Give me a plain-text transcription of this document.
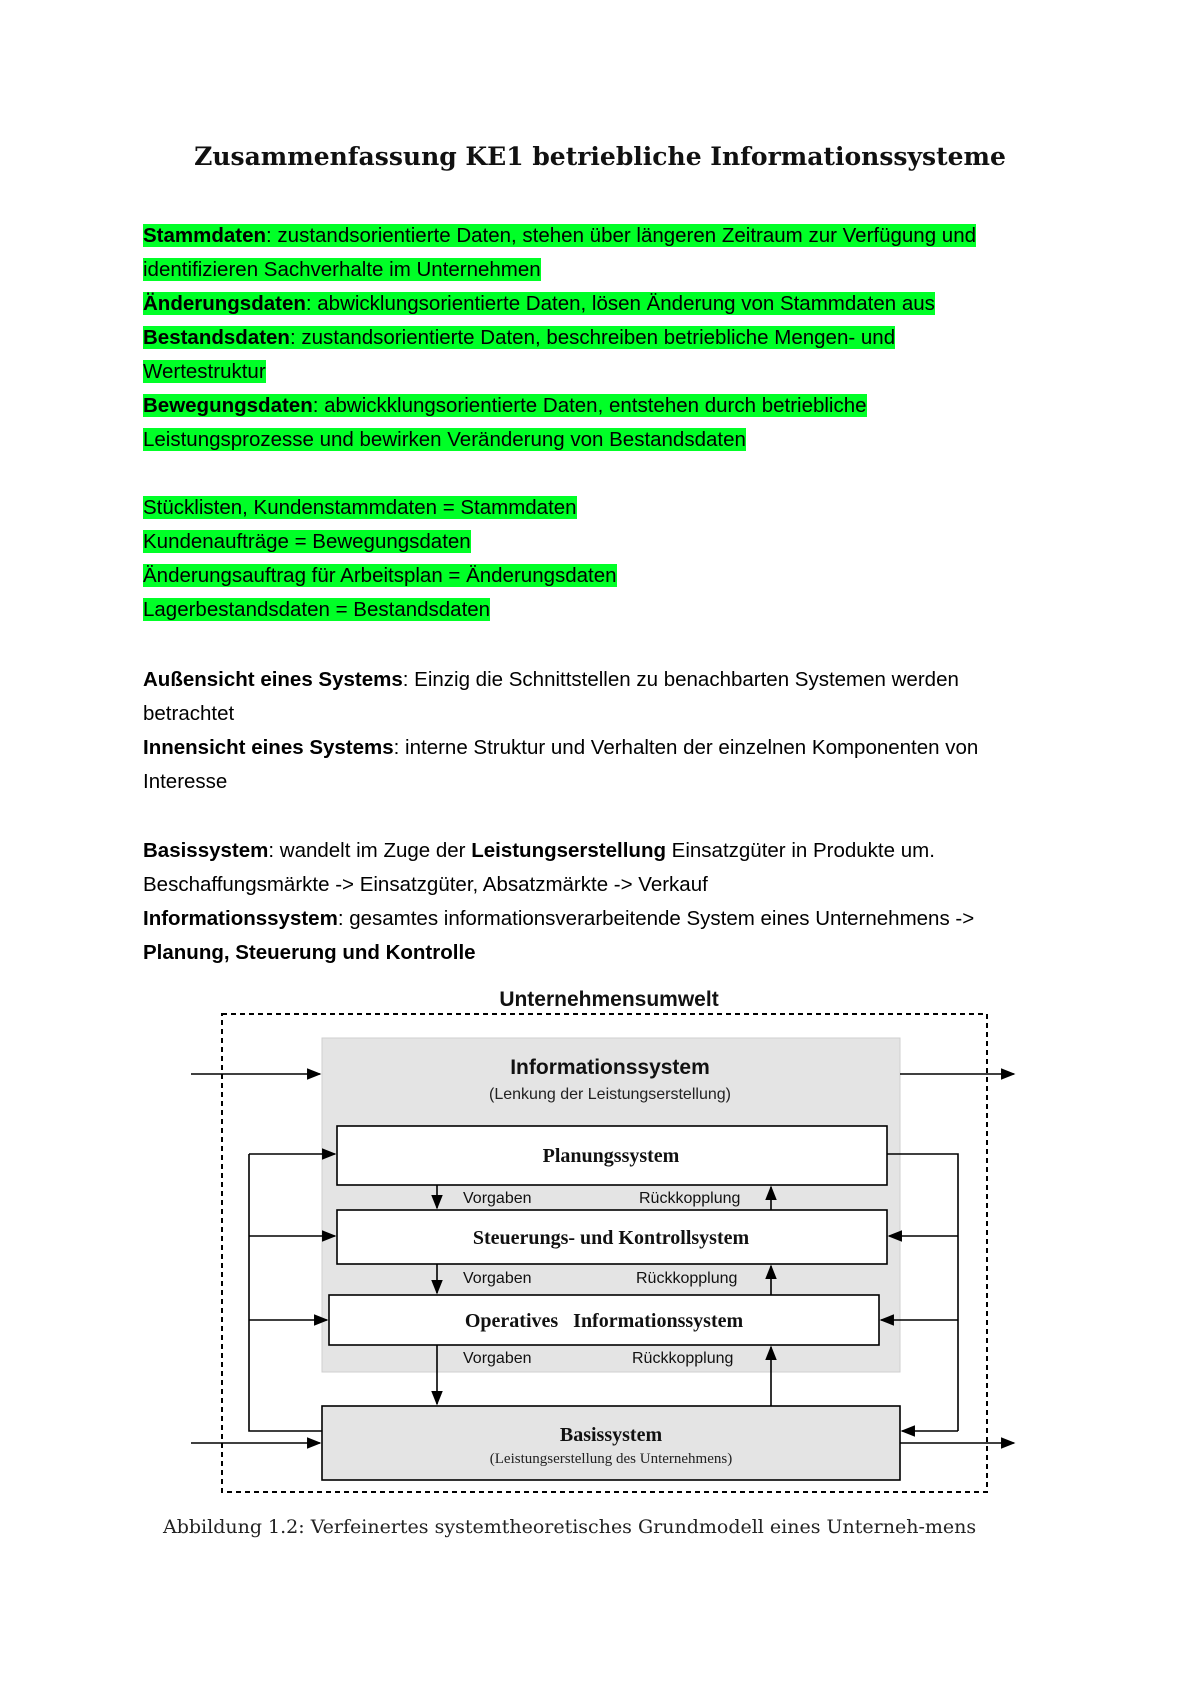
Zusammenfassung KE1 betriebliche Informationssysteme
Stammdaten: zustandsorientierte Daten, stehen über längeren Zeitraum zur Verfügung und
identifizieren Sachverhalte im Unternehmen
Änderungsdaten: abwicklungsorientierte Daten, lösen Änderung von Stammdaten aus
Bestandsdaten: zustandsorientierte Daten, beschreiben betriebliche Mengen- und
Wertestruktur
Bewegungsdaten: abwickklungsorientierte Daten, entstehen durch betriebliche
Leistungsprozesse und bewirken Veränderung von Bestandsdaten
Stücklisten, Kundenstammdaten = Stammdaten
Kundenaufträge = Bewegungsdaten
Änderungsauftrag für Arbeitsplan = Änderungsdaten
Lagerbestandsdaten = Bestandsdaten
Außensicht eines Systems: Einzig die Schnittstellen zu benachbarten Systemen werden
betrachtet
Innensicht eines Systems: interne Struktur und Verhalten der einzelnen Komponenten von
Interesse
Basissystem: wandelt im Zuge der Leistungserstellung Einsatzgüter in Produkte um.
Beschaffungsmärkte -> Einsatzgüter, Absatzmärkte -> Verkauf
Informationssystem: gesamtes informationsverarbeitende System eines Unternehmens ->
Planung, Steuerung und Kontrolle
Unternehmensumwelt
Informationssystem
(Lenkung der Leistungserstellung)
Planungssystem
Steuerungs- und Kontrollsystem
Operatives   Informationssystem
Basissystem
(Leistungserstellung des Unternehmens)
Vorgaben	Rückkopplung
Vorgaben	Rückkopplung
Vorgaben	Rückkopplung
Abbildung 1.2: Verfeinertes systemtheoretisches Grundmodell eines Unterneh-mens
